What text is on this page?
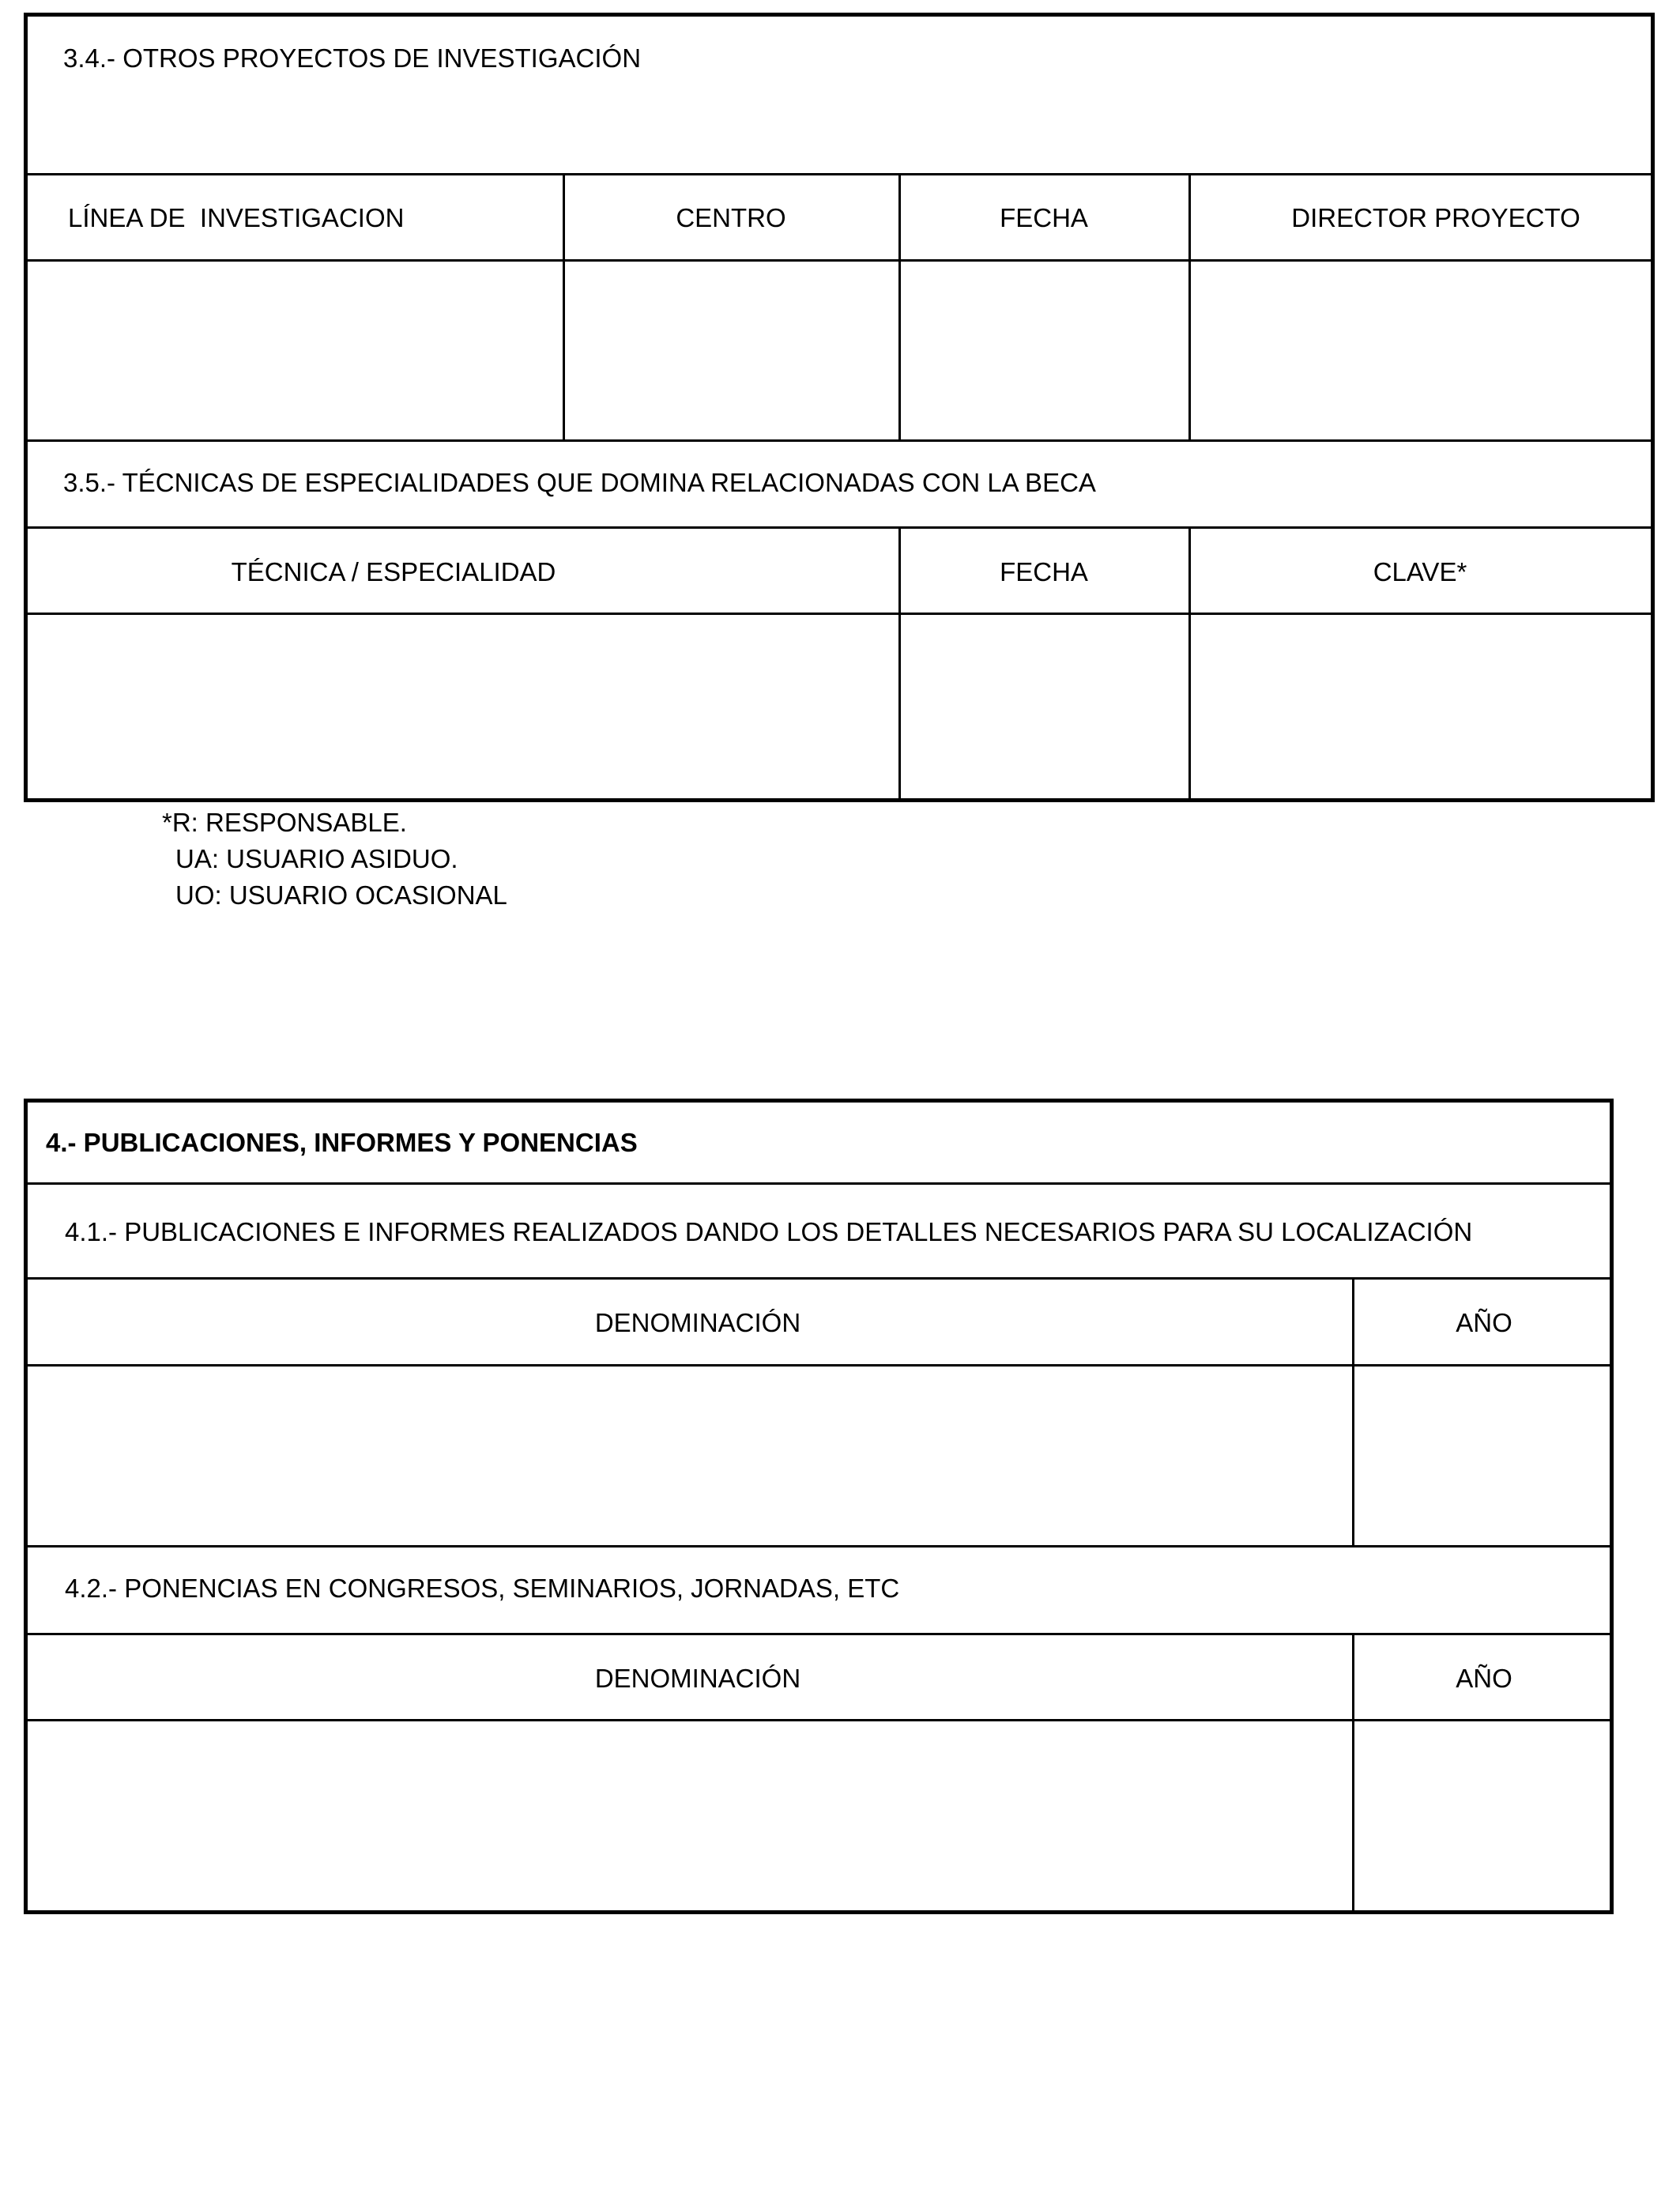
3.4.- OTROS PROYECTOS DE INVESTIGACIÓN
LÍNEA DE  INVESTIGACION	CENTRO	FECHA	DIRECTOR PROYECTO
3.5.- TÉCNICAS DE ESPECIALIDADES QUE DOMINA RELACIONADAS CON LA BECA
TÉCNICA / ESPECIALIDAD	FECHA	CLAVE*
*R: RESPONSABLE.
UA: USUARIO ASIDUO.
UO: USUARIO OCASIONAL
4.- PUBLICACIONES, INFORMES Y PONENCIAS
4.1.- PUBLICACIONES E INFORMES REALIZADOS DANDO LOS DETALLES NECESARIOS PARA SU LOCALIZACIÓN
DENOMINACIÓN	AÑO
4.2.- PONENCIAS EN CONGRESOS, SEMINARIOS, JORNADAS, ETC
DENOMINACIÓN	AÑO
